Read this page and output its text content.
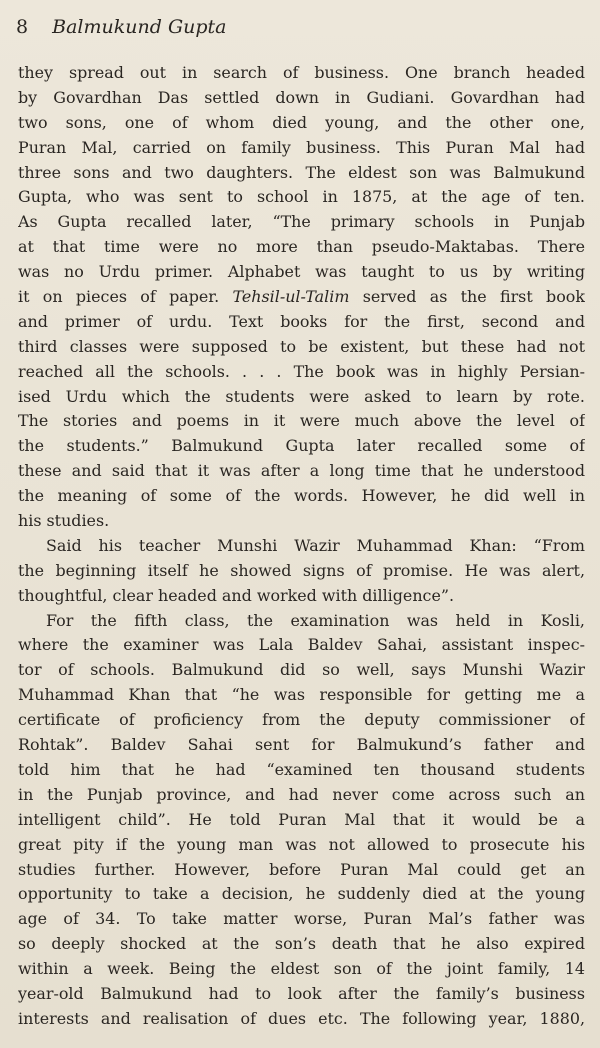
8 Balmukund Gupta
they spread out in search of business. One branch headed
by Govardhan Das settled down in Gudiani. Govardhan had
two sons, one of whom died young, and the other one,
Puran Mal, carried on family business. This Puran Mal had
three sons and two daughters. The eldest son was Balmukund
Gupta, who was sent to school in 1875, at the age of ten.
As Gupta recalled later, “The primary schools in Punjab
at that time were no more than pseudo-Maktabas. There
was no Urdu primer. Alphabet was taught to us by writing
it on pieces of paper. Tehsil-ul-Talim served as the first book
and primer of urdu. Text books for the first, second and
third classes were supposed to be existent, but these had not
reached all the schools. . . . The book was in highly Persian-
ised Urdu which the students were asked to learn by rote.
The stories and poems in it were much above the level of
the students.” Balmukund Gupta later recalled some of
these and said that it was after a long time that he understood
the meaning of some of the words. However, he did well in
his studies.
Said his teacher Munshi Wazir Muhammad Khan: “From
the beginning itself he showed signs of promise. He was alert,
thoughtful, clear headed and worked with dilligence”.
For the fifth class, the examination was held in Kosli,
where the examiner was Lala Baldev Sahai, assistant inspec-
tor of schools. Balmukund did so well, says Munshi Wazir
Muhammad Khan that “he was responsible for getting me a
certificate of proficiency from the deputy commissioner of
Rohtak”. Baldev Sahai sent for Balmukund’s father and
told him that he had “examined ten thousand students
in the Punjab province, and had never come across such an
intelligent child”. He told Puran Mal that it would be a
great pity if the young man was not allowed to prosecute his
studies further. However, before Puran Mal could get an
opportunity to take a decision, he suddenly died at the young
age of 34. To take matter worse, Puran Mal’s father was
so deeply shocked at the son’s death that he also expired
within a week. Being the eldest son of the joint family, 14
year-old Balmukund had to look after the family’s business
interests and realisation of dues etc. The following year, 1880,
